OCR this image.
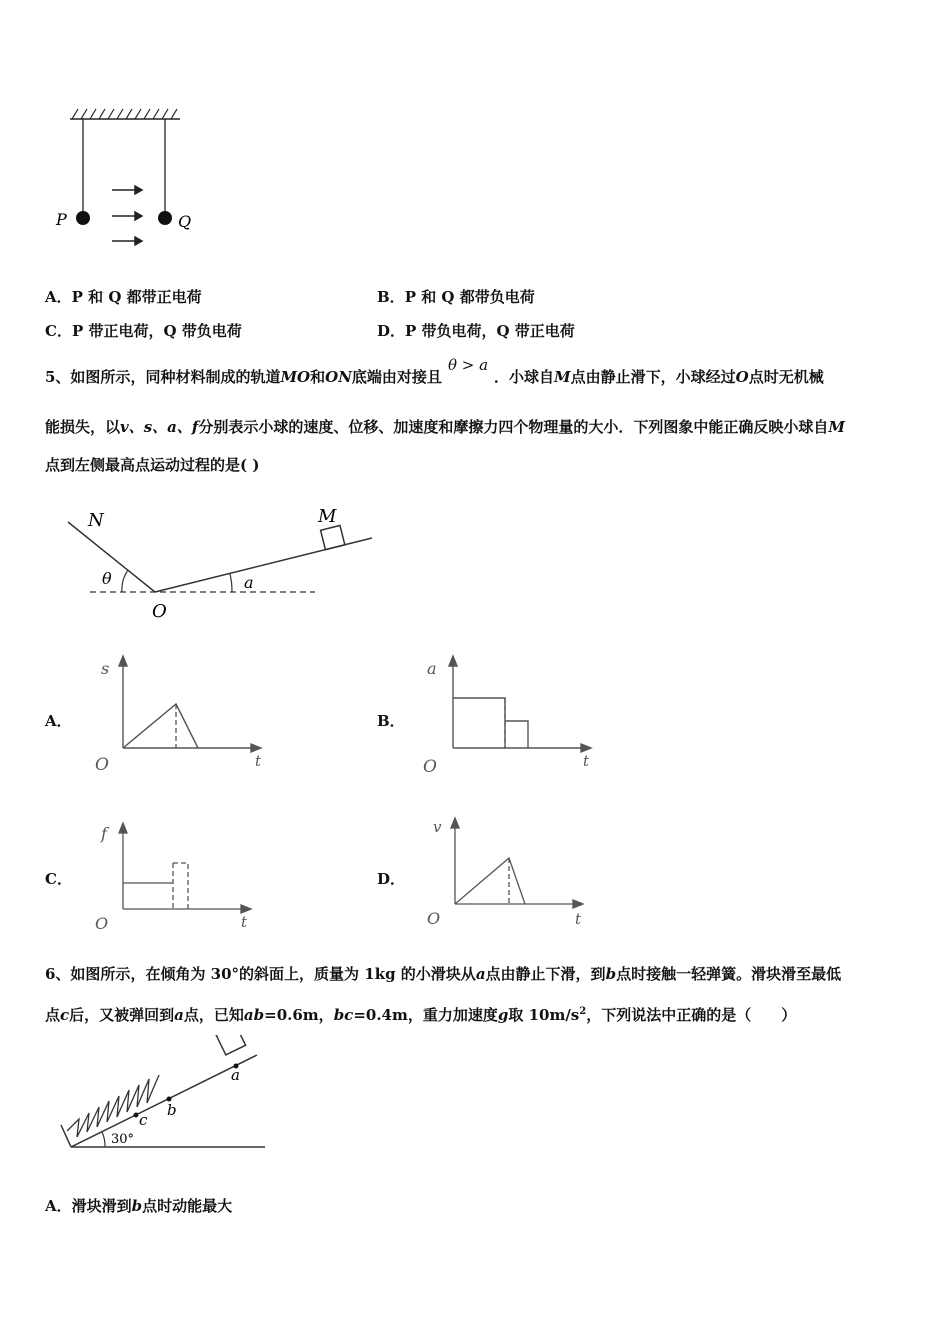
P	Q
A．P 和 Q 都带正电荷	B．P 和 Q 都带负电荷
C．P 带正电荷，Q 带负电荷	D．P 带负电荷，Q 带正电荷
5、如图所示，同种材料制成的轨道MO和ON底端由对接且θ > a．小球自M点由静止滑下，小球经过O点时无机械
能损失，以v、s、a、f分别表示小球的速度、位移、加速度和摩擦力四个物理量的大小．下列图象中能正确反映小球自M
点到左侧最高点运动过程的是( )
N	M
θ	a
O
A．
s
t
O
B．
a
t
O
C．
f
t
O
D．
v
t
O
6、如图所示，在倾角为 30°的斜面上，质量为 1kg 的小滑块从a点由静止下滑，到b点时接触一轻弹簧。滑块滑至最低
点c后，又被弹回到a点，已知ab=0.6m，bc=0.4m，重力加速度g取 $10m/s^2$，下列说法中正确的是（　　）
a
b
c
30°
A．滑块滑到b点时动能最大
